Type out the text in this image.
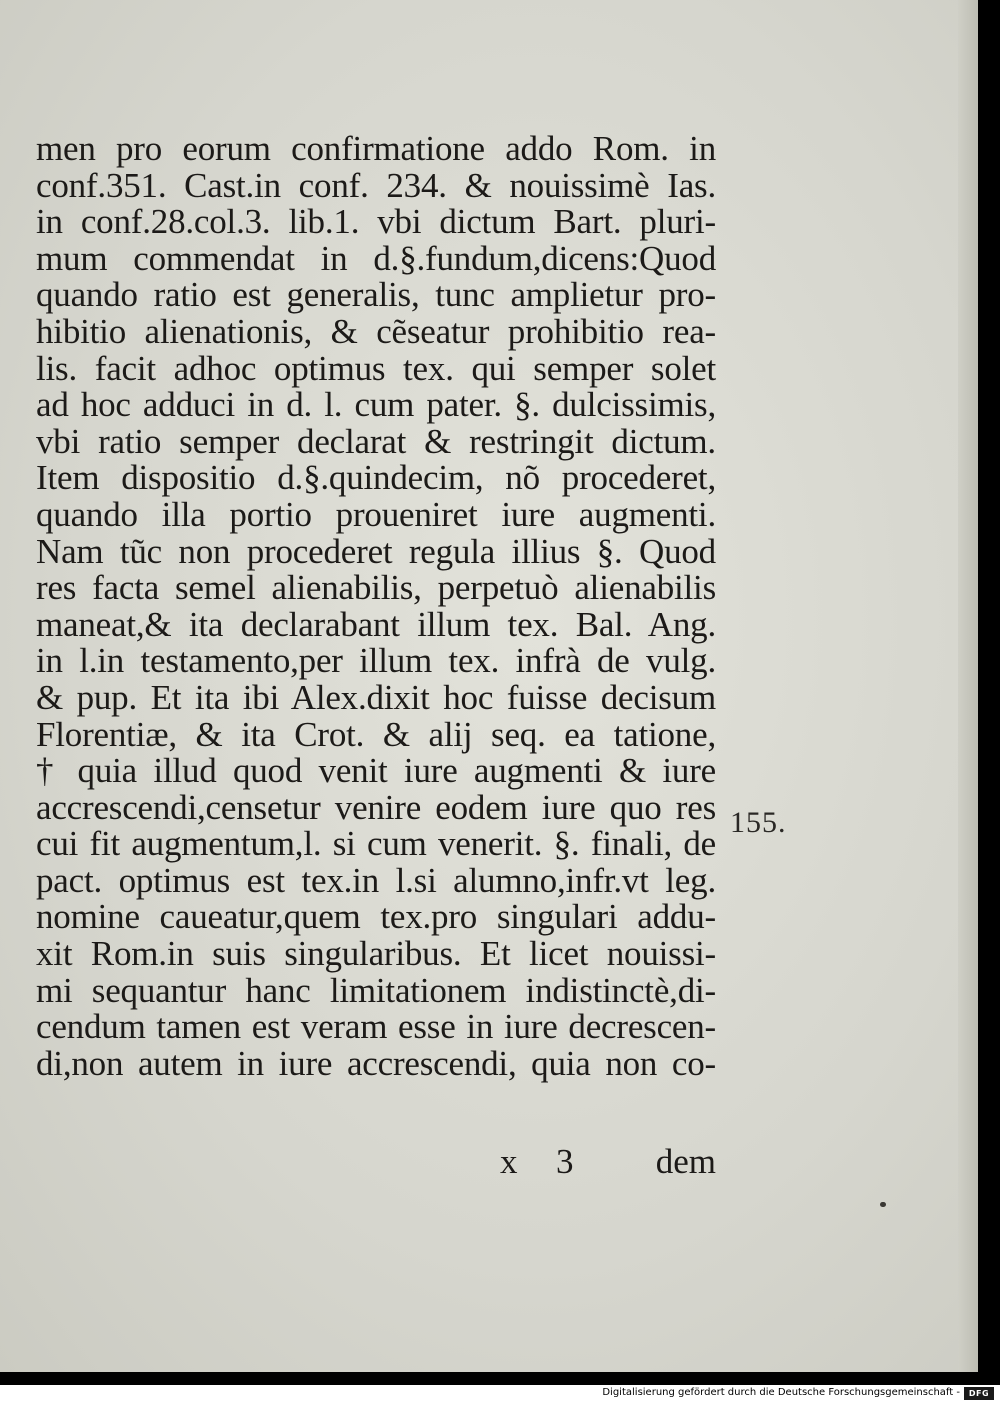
men pro eorum confirmatione addo Rom. in
conf.351. Cast.in conf. 234. & nouissimè Ias.
in conf.28.col.3. lib.1. vbi dictum Bart. pluri-
mum commendat in d.§.fundum,dicens:Quod
quando ratio est generalis, tunc amplietur pro-
hibitio alienationis, & cẽseatur prohibitio rea-
lis. facit adhoc optimus tex. qui semper solet
ad hoc adduci in d. l. cum pater. §. dulcissimis,
vbi ratio semper declarat & restringit dictum.
Item dispositio d.§.quindecim, nõ procederet,
quando illa portio proueniret iure augmenti.
Nam tũc non procederet regula illius §. Quod
res facta semel alienabilis, perpetuò alienabilis
maneat,& ita declarabant illum tex. Bal. Ang.
in l.in testamento,per illum tex. infrà de vulg.
& pup. Et ita ibi Alex.dixit hoc fuisse decisum
Florentiæ, & ita Crot. & alij seq. ea tatione,
† quia illud quod venit iure augmenti & iure
accrescendi,censetur venire eodem iure quo res
cui fit augmentum,l. si cum venerit. §. finali, de
pact. optimus est tex.in l.si alumno,infr.vt leg.
nomine caueatur,quem tex.pro singulari addu-
xit Rom.in suis singularibus. Et licet nouissi-
mi sequantur hanc limitationem indistinctè,di-
cendum tamen est veram esse in iure decrescen-
di,non autem in iure accrescendi, quia non co-
x 3 dem
155.
Digitalisierung gefördert durch die Deutsche Forschungsgemeinschaft -	DFG
